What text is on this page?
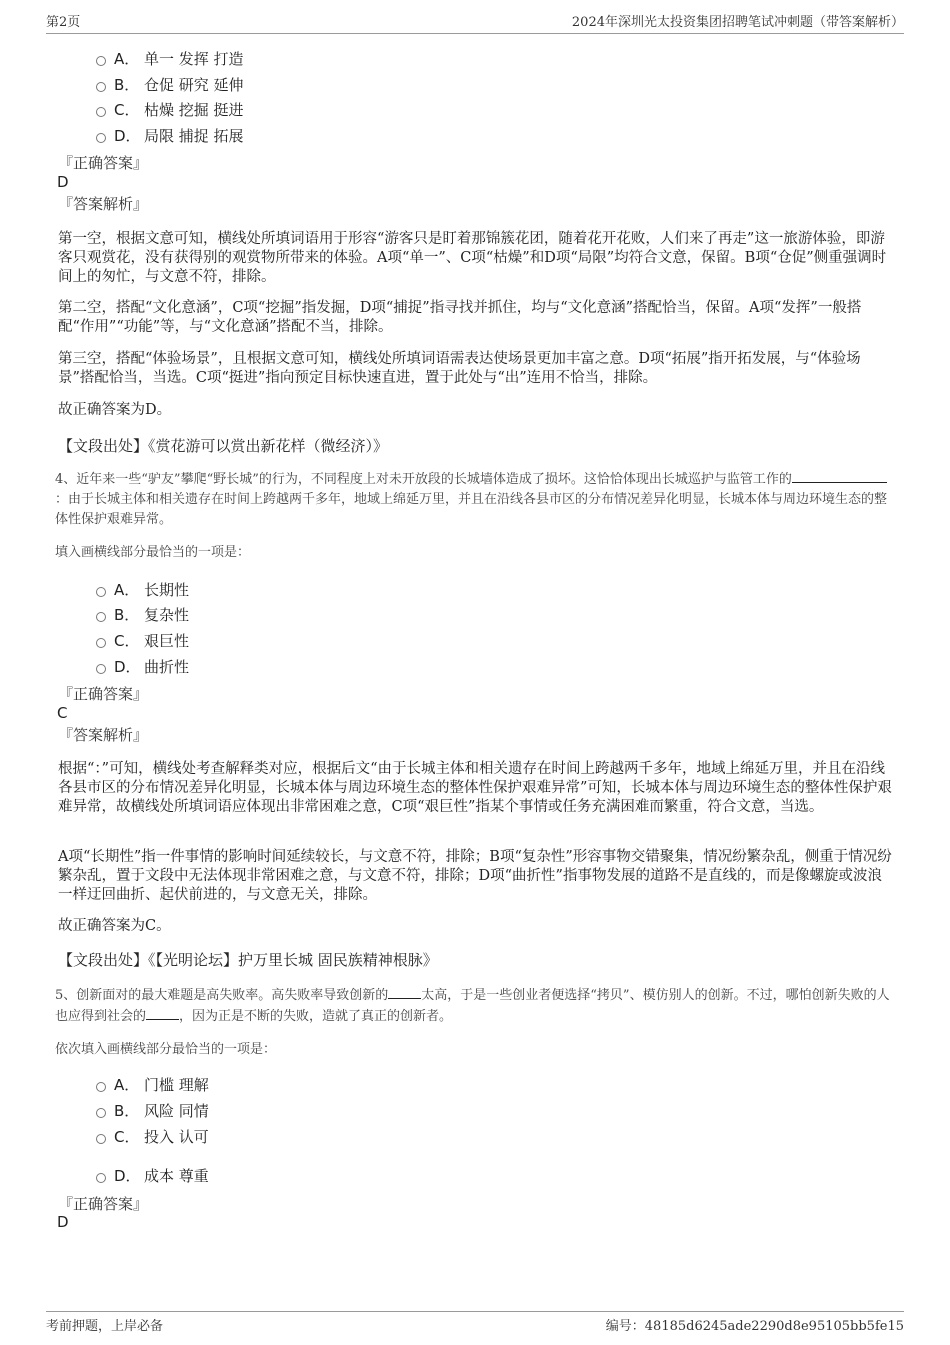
第2页	2024年深圳光太投资集团招聘笔试冲刺题（带答案解析）
A． 单一 发挥 打造
B． 仓促 研究 延伸
C． 枯燥 挖掘 挺进
D． 局限 捕捉 拓展
『正确答案』
D
『答案解析』

第一空，根据文意可知，横线处所填词语用于形容“游客只是盯着那锦簇花团，随着花开花败，人们来了再走”这一旅游体验，即游客只观赏花，没有获得别的观赏物所带来的体验。A项“单一”、C项“枯燥”和D项“局限”均符合文意，保留。B项“仓促”侧重强调时间上的匆忙，与文意不符，排除。

第二空，搭配“文化意涵”，C项“挖掘”指发掘，D项“捕捉”指寻找并抓住，均与“文化意涵”搭配恰当，保留。A项“发挥”一般搭配“作用”“功能”等，与“文化意涵”搭配不当，排除。

第三空，搭配“体验场景”，且根据文意可知，横线处所填词语需表达使场景更加丰富之意。D项“拓展”指开拓发展，与“体验场景”搭配恰当，当选。C项“挺进”指向预定目标快速直进，置于此处与“出”连用不恰当，排除。

故正确答案为D。

【文段出处】《赏花游可以赏出新花样（微经济）》

4、近年来一些“驴友”攀爬“野长城”的行为，不同程度上对未开放段的长城墙体造成了损坏。这恰恰体现出长城巡护与监管工作的
：由于长城主体和相关遗存在时间上跨越两千多年，地域上绵延万里，并且在沿线各县市区的分布情况差异化明显，长城本体与周边环境生态的整体性保护艰难异常。

填入画横线部分最恰当的一项是：
A． 长期性
B． 复杂性
C． 艰巨性
D． 曲折性
『正确答案』
C
『答案解析』

根据“：”可知，横线处考查解释类对应，根据后文“由于长城主体和相关遗存在时间上跨越两千多年，地域上绵延万里，并且在沿线各县市区的分布情况差异化明显，长城本体与周边环境生态的整体性保护艰难异常”可知，长城本体与周边环境生态的整体性保护艰难异常，故横线处所填词语应体现出非常困难之意，C项“艰巨性”指某个事情或任务充满困难而繁重，符合文意，当选。

A项“长期性”指一件事情的影响时间延续较长，与文意不符，排除；B项“复杂性”形容事物交错聚集，情况纷繁杂乱，侧重于情况纷繁杂乱，置于文段中无法体现非常困难之意，与文意不符，排除；D项“曲折性”指事物发展的道路不是直线的，而是像螺旋或波浪一样迂回曲折、起伏前进的，与文意无关，排除。

故正确答案为C。

【文段出处】《【光明论坛】护万里长城 固民族精神根脉》

5、创新面对的最大难题是高失败率。高失败率导致创新的	太高，于是一些创业者便选择“拷贝”、模仿别人的创新。不过，哪怕创新失败的人也应得到社会的	，因为正是不断的失败，造就了真正的创新者。

依次填入画横线部分最恰当的一项是：
A． 门槛 理解
B． 风险 同情
C． 投入 认可
D． 成本 尊重
『正确答案』
D
考前押题，上岸必备	编号：48185d6245ade2290d8e95105bb5fe15
